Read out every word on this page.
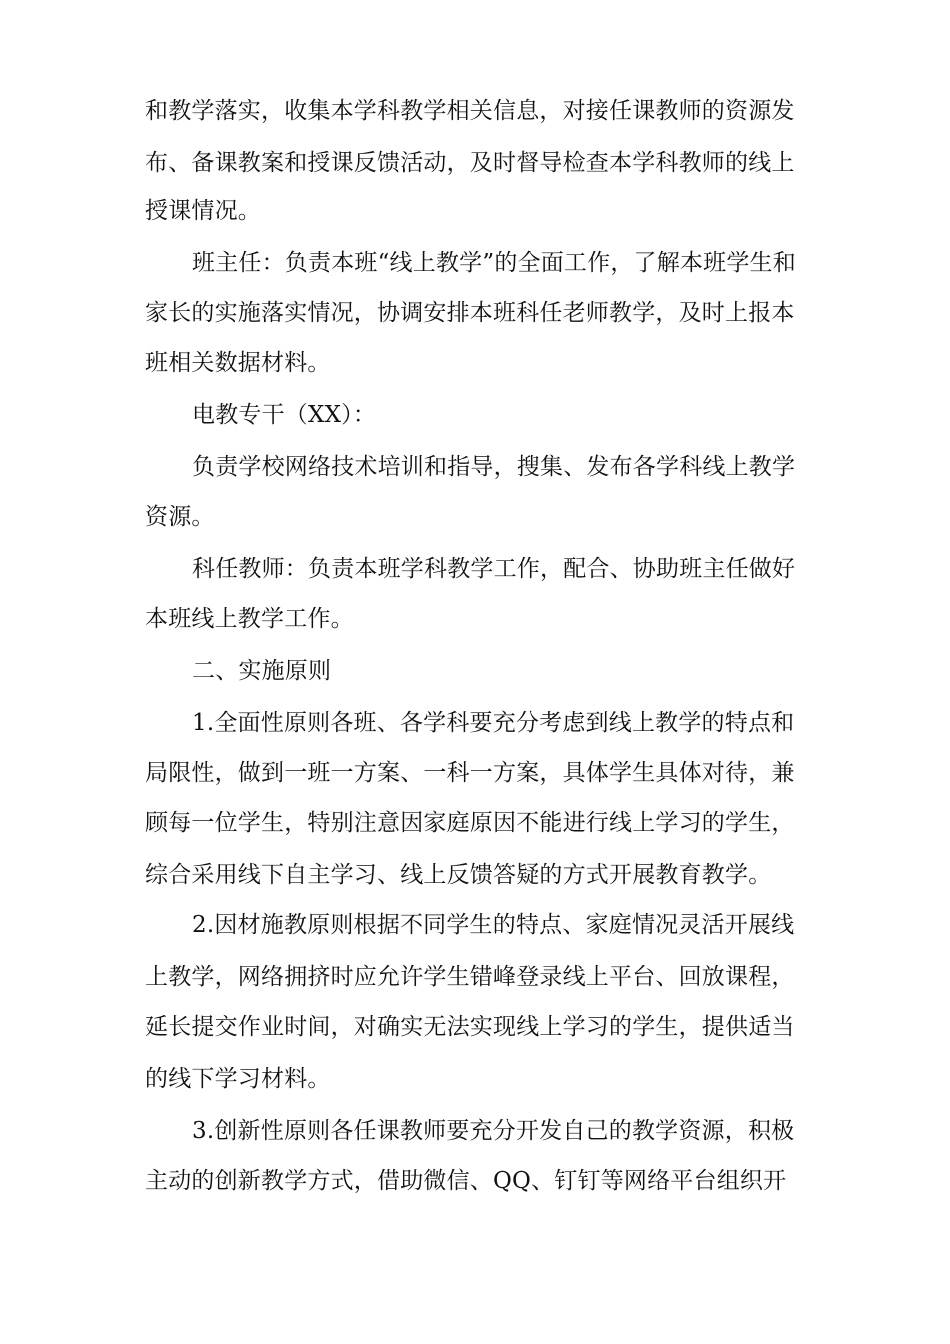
和教学落实，收集本学科教学相关信息，对接任课教师的资源发
布、备课教案和授课反馈活动，及时督导检查本学科教师的线上
授课情况。
班主任：负责本班“线上教学”的全面工作，了解本班学生和
家长的实施落实情况，协调安排本班科任老师教学，及时上报本
班相关数据材料。
电教专干（XX）：
负责学校网络技术培训和指导，搜集、发布各学科线上教学
资源。
科任教师：负责本班学科教学工作，配合、协助班主任做好
本班线上教学工作。
二、实施原则
1.全面性原则各班、各学科要充分考虑到线上教学的特点和
局限性，做到一班一方案、一科一方案，具体学生具体对待，兼
顾每一位学生，特别注意因家庭原因不能进行线上学习的学生，
综合采用线下自主学习、线上反馈答疑的方式开展教育教学。
2.因材施教原则根据不同学生的特点、家庭情况灵活开展线
上教学，网络拥挤时应允许学生错峰登录线上平台、回放课程，
延长提交作业时间，对确实无法实现线上学习的学生，提供适当
的线下学习材料。
3.创新性原则各任课教师要充分开发自己的教学资源，积极
主动的创新教学方式，借助微信、QQ、钉钉等网络平台组织开
